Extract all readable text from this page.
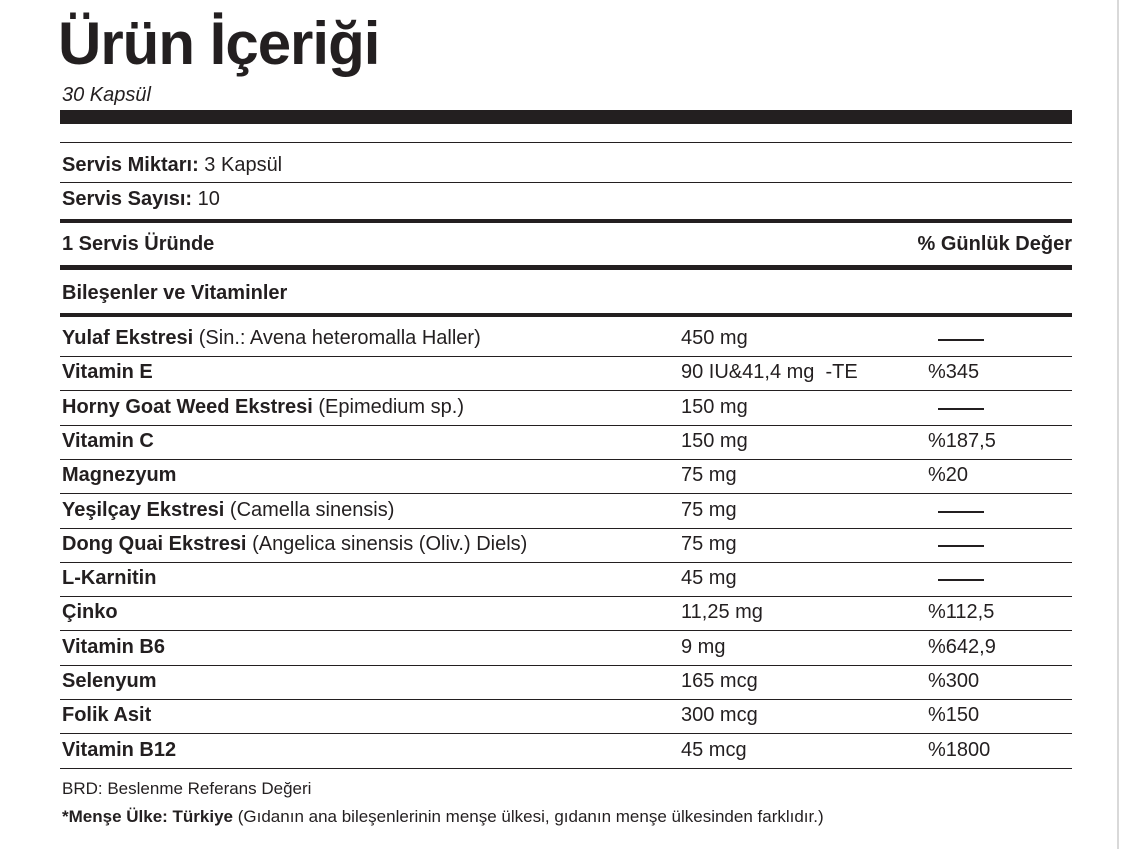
Ürün İçeriği
30 Kapsül
Servis Miktarı: 3 Kapsül
Servis Sayısı: 10
1 Servis Üründe	% Günlük Değer
Bileşenler ve Vitaminler
Yulaf Ekstresi (Sin.: Avena heteromalla Haller)	450 mg
Vitamin E	90 IU&41,4 mg  -TE	%345
Horny Goat Weed Ekstresi (Epimedium sp.)	150 mg
Vitamin C	150 mg	%187,5
Magnezyum	75 mg	%20
Yeşilçay Ekstresi (Camella sinensis)	75 mg
Dong Quai Ekstresi (Angelica sinensis (Oliv.) Diels)	75 mg
L-Karnitin	45 mg
Çinko	11,25 mg	%112,5
Vitamin B6	9 mg	%642,9
Selenyum	165 mcg	%300
Folik Asit	300 mcg	%150
Vitamin B12	45 mcg	%1800
BRD: Beslenme Referans Değeri
*Menşe Ülke: Türkiye (Gıdanın ana bileşenlerinin menşe ülkesi, gıdanın menşe ülkesinden farklıdır.)
